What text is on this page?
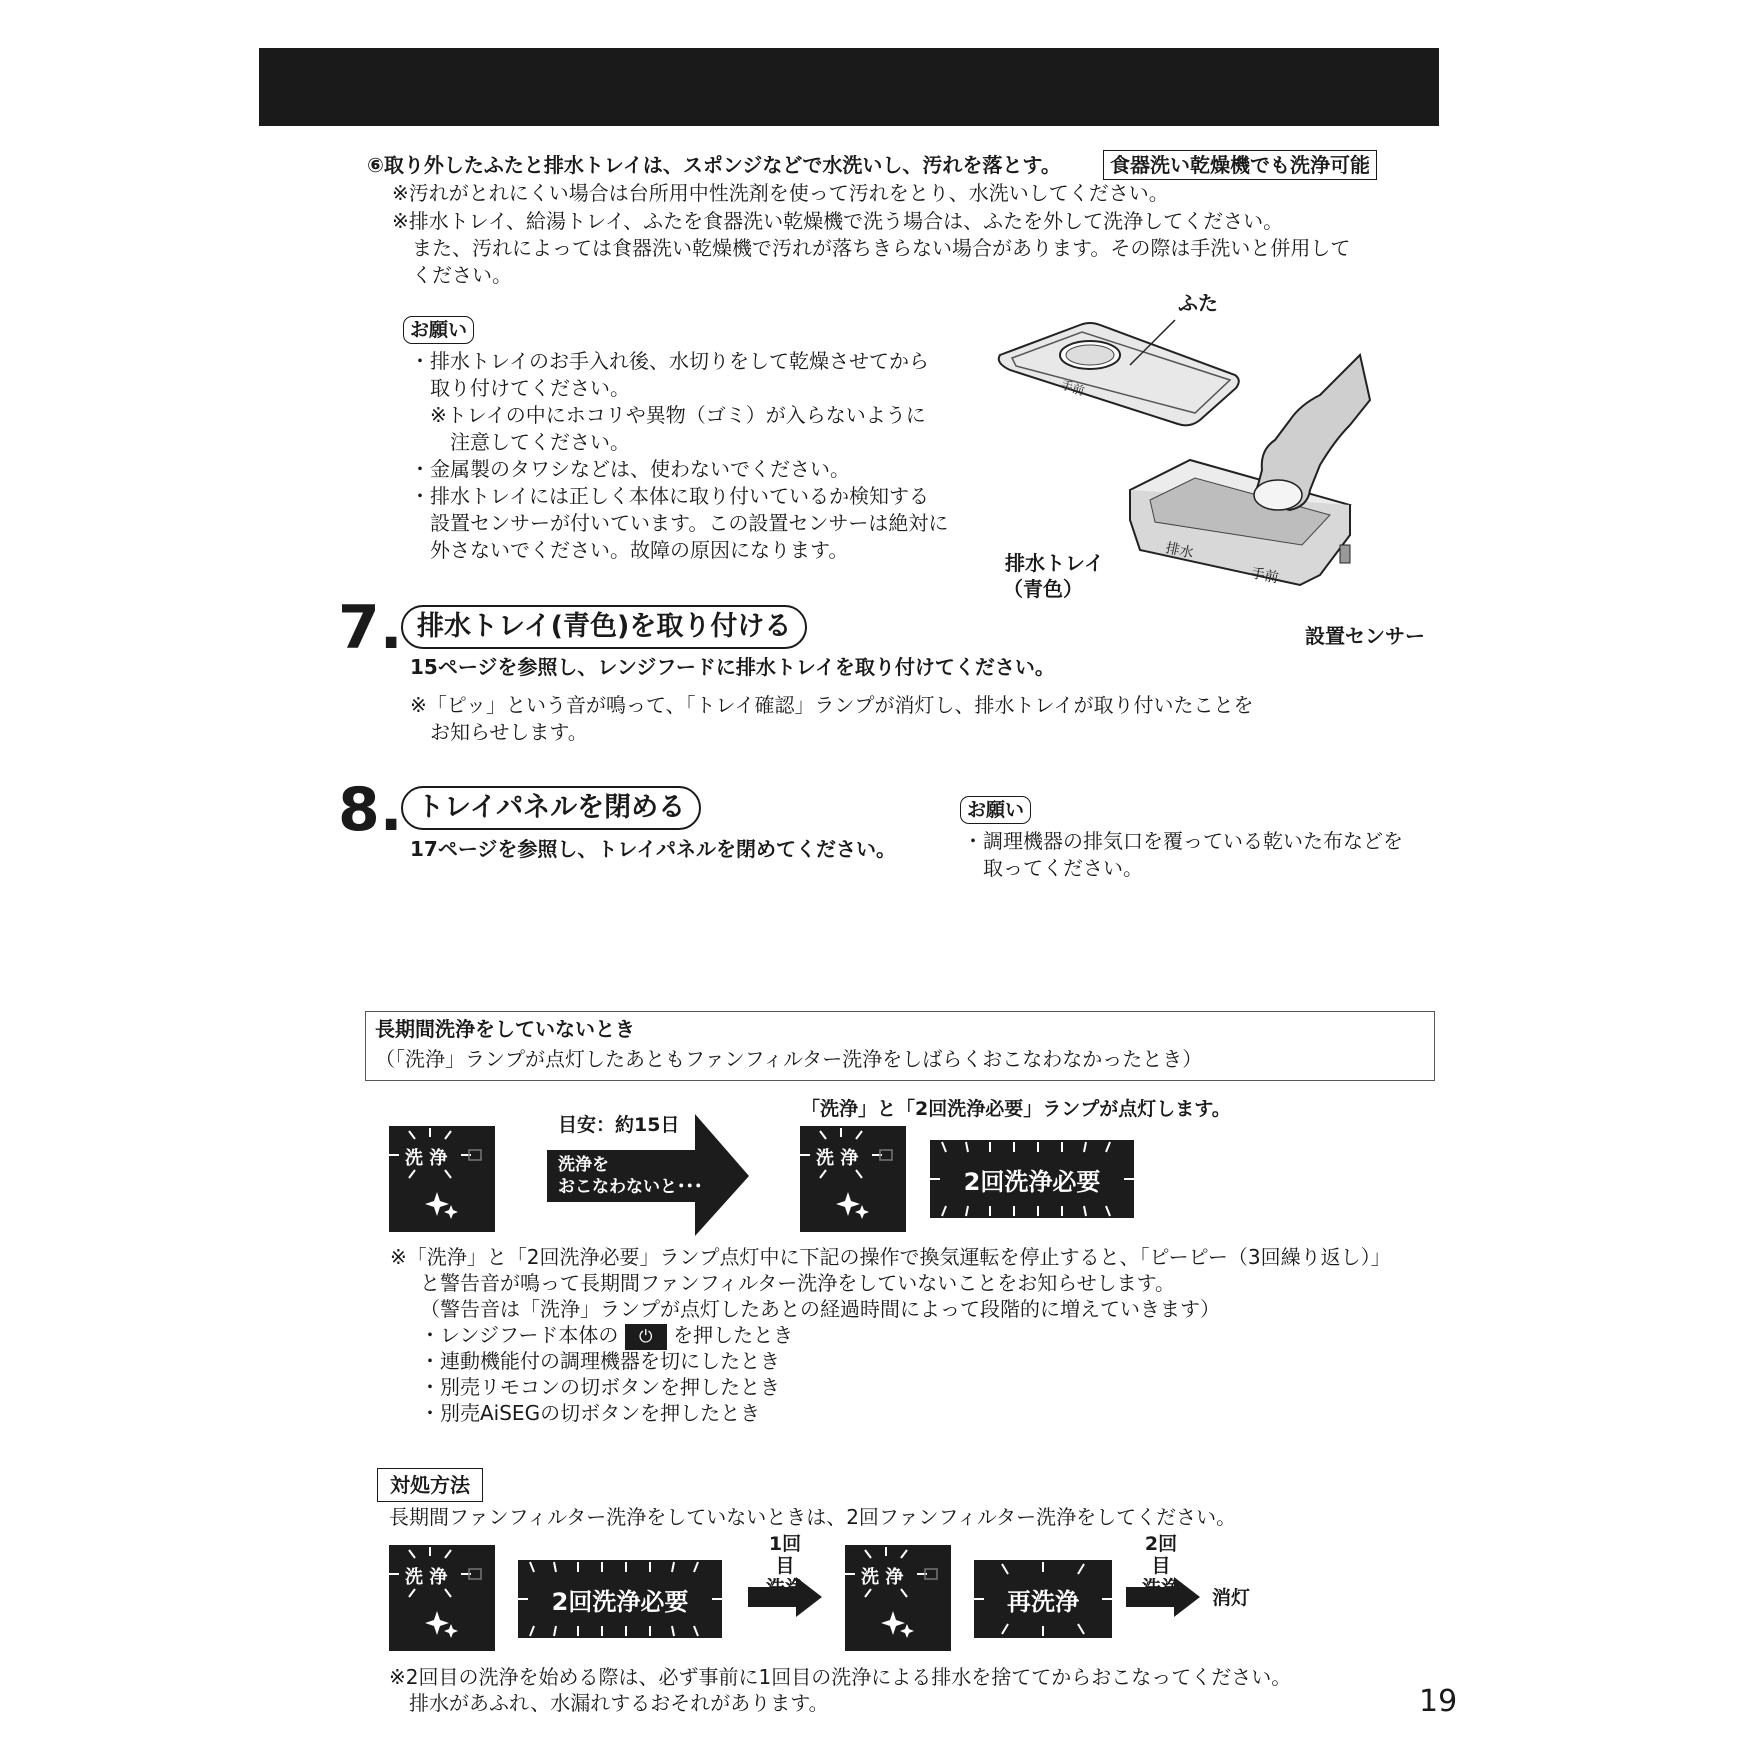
⑥取り外したふたと排水トレイは、スポンジなどで水洗いし、汚れを落とす。	食器洗い乾燥機でも洗浄可能
※汚れがとれにくい場合は台所用中性洗剤を使って汚れをとり、水洗いしてください。
※排水トレイ、給湯トレイ、ふたを食器洗い乾燥機で洗う場合は、ふたを外して洗浄してください。
また、汚れによっては食器洗い乾燥機で汚れが落ちきらない場合があります。その際は手洗いと併用して
ください。
お願い
・排水トレイのお手入れ後、水切りをして乾燥させてから
　取り付けてください。
　※トレイの中にホコリや異物（ゴミ）が入らないように
　　注意してください。
・金属製のタワシなどは、使わないでください。
・排水トレイには正しく本体に取り付いているか検知する
　設置センサーが付いています。この設置センサーは絶対に
　外さないでください。故障の原因になります。
手前
排水
手前
ふた
排水トレイ
（青色）
設置センサー
7. 排水トレイ(青色)を取り付ける
15ページを参照し、レンジフードに排水トレイを取り付けてください。
※「ピッ」という音が鳴って、「トレイ確認」ランプが消灯し、排水トレイが取り付いたことを
お知らせします。
8. トレイパネルを閉める
17ページを参照し、トレイパネルを閉めてください。
お願い
・調理機器の排気口を覆っている乾いた布などを
取ってください。
長期間洗浄をしていないとき
（「洗浄」ランプが点灯したあともファンフィルター洗浄をしばらくおこなわなかったとき）
「洗浄」と「2回洗浄必要」ランプが点灯します。
洗 浄
目安：約15日
洗浄を
おこなわないと･･･
洗 浄
2回洗浄必要
※「洗浄」と「2回洗浄必要」ランプ点灯中に下記の操作で換気運転を停止すると、「ピーピー（3回繰り返し）」
と警告音が鳴って長期間ファンフィルター洗浄をしていないことをお知らせします。
（警告音は「洗浄」ランプが点灯したあとの経過時間によって段階的に増えていきます）
・レンジフード本体の ⏻ を押したとき
・連動機能付の調理機器を切にしたとき
・別売リモコンの切ボタンを押したとき
・別売AiSEGの切ボタンを押したとき
対処方法
長期間ファンフィルター洗浄をしていないときは、2回ファンフィルター洗浄をしてください。
洗 浄
2回洗浄必要
1回目
洗 浄
再洗浄
2回目
消灯
※2回目の洗浄を始める際は、必ず事前に1回目の洗浄による排水を捨ててからおこなってください。
排水があふれ、水漏れするおそれがあります。	19
